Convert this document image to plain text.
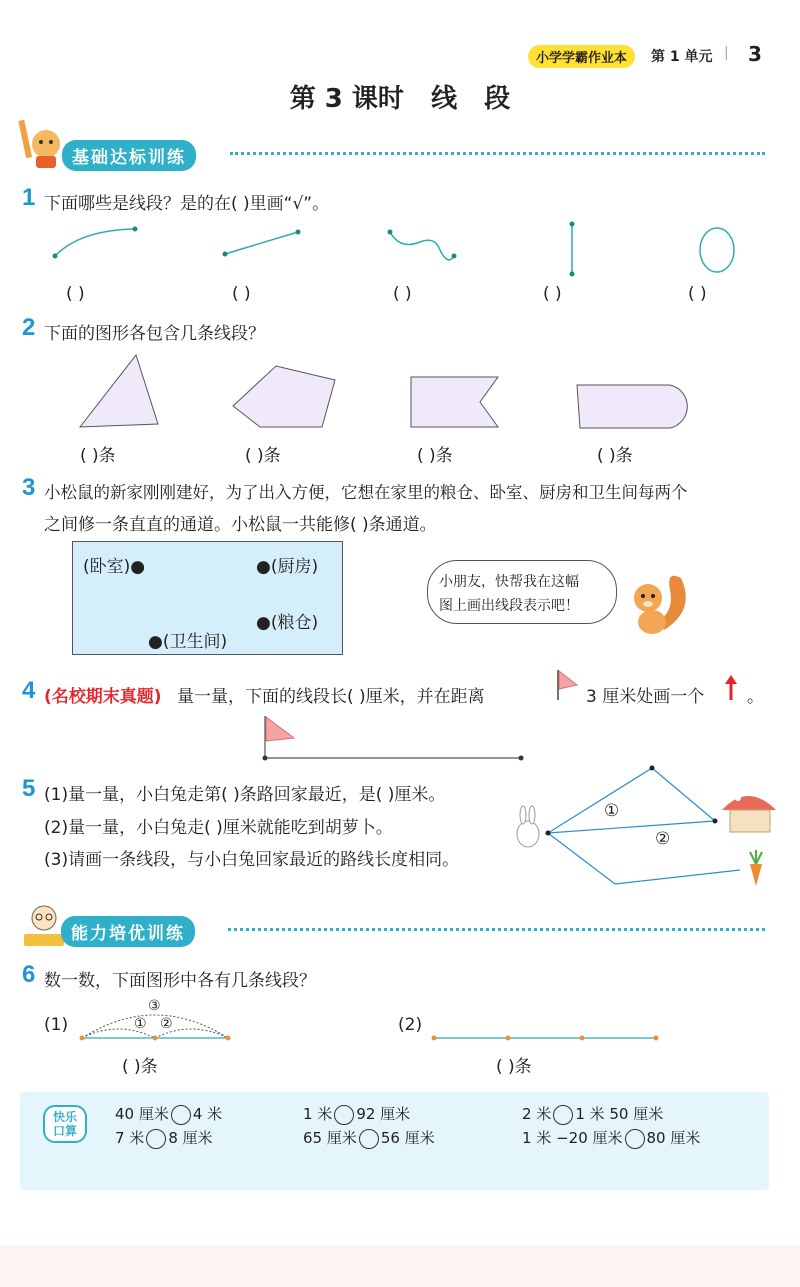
小学学霸作业本	第 1 单元 | 3
第 3 课时   线   段
基础达标训练
1 下面哪些是线段？是的在( )里画“√”。
( )	( )	( )	( )	( )
2 下面的图形各包含几条线段？
( )条	( )条	( )条	( )条
3 小松鼠的新家刚刚建好，为了出入方便，它想在家里的粮仓、卧室、厨房和卫生间每两个
之间修一条直直的通道。小松鼠一共能修( )条通道。
(卧室)●	●(厨房)
●(粮仓)
●(卫生间)
小朋友，快帮我在这幅
图上画出线段表示吧！
4 (名校期末真题) 量一量，下面的线段长( )厘米，并在距离	3 厘米处画一个	。
5 (1)量一量，小白兔走第( )条路回家最近，是( )厘米。
(2)量一量，小白兔走( )厘米就能吃到胡萝卜。
(3)请画一条线段，与小白兔回家最近的路线长度相同。
①
②
能力培优训练
6 数一数，下面图形中各有几条线段？
(1)
③
① ②
( )条
(2)
( )条
快乐
口算
40 厘米 4 米	1 米 92 厘米	2 米 1 米 50 厘米
7 米 8 厘米	65 厘米 56 厘米	1 米 −20 厘米 80 厘米
